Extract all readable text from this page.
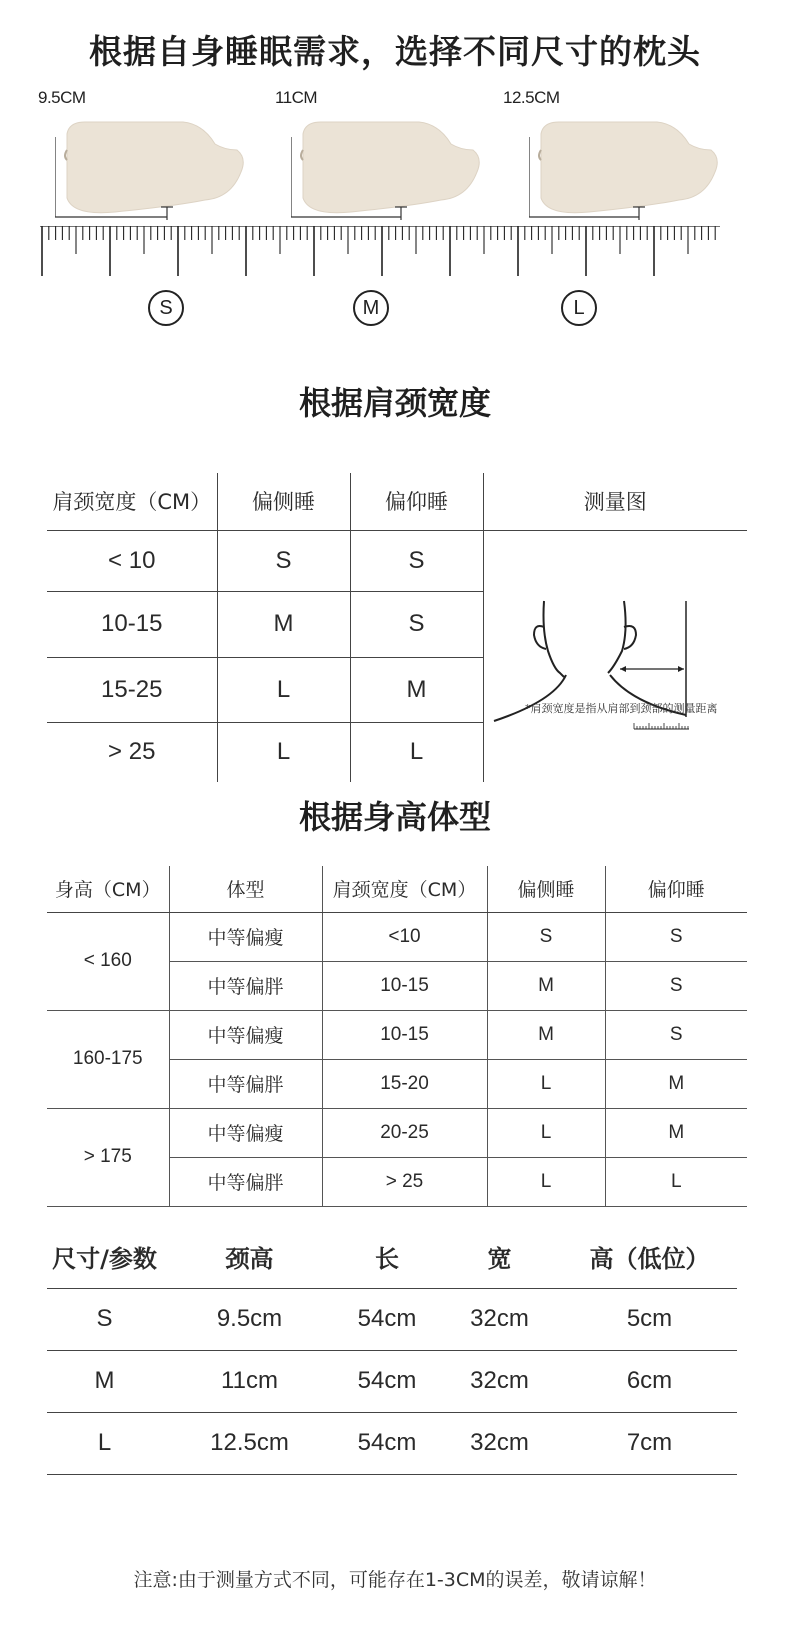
根据自身睡眠需求，选择不同尺寸的枕头
9.5CM	11CM	12.5CM
S	M	L
根据肩颈宽度
肩颈宽度（CM）	偏侧睡	偏仰睡	测量图
< 10	S	S	

10-15	M	S	
15-25	L	M	
> 25	L	L	
*肩颈宽度是指从肩部到颈部的测量距离
根据身高体型
身高（CM）	体型	肩颈宽度（CM）	偏侧睡	偏仰睡
< 160	中等偏瘦	<10	S	S
	中等偏胖	10-15	M	S
160-175	中等偏瘦	10-15	M	S
	中等偏胖	15-20	L	M
> 175	中等偏瘦	20-25	L	M
	中等偏胖	> 25	L	L
尺寸/参数	颈高	长	宽	高（低位）
S	9.5cm	54cm	32cm	5cm
M	11cm	54cm	32cm	6cm
L	12.5cm	54cm	32cm	7cm
注意:由于测量方式不同，可能存在1-3CM的误差，敬请谅解！
